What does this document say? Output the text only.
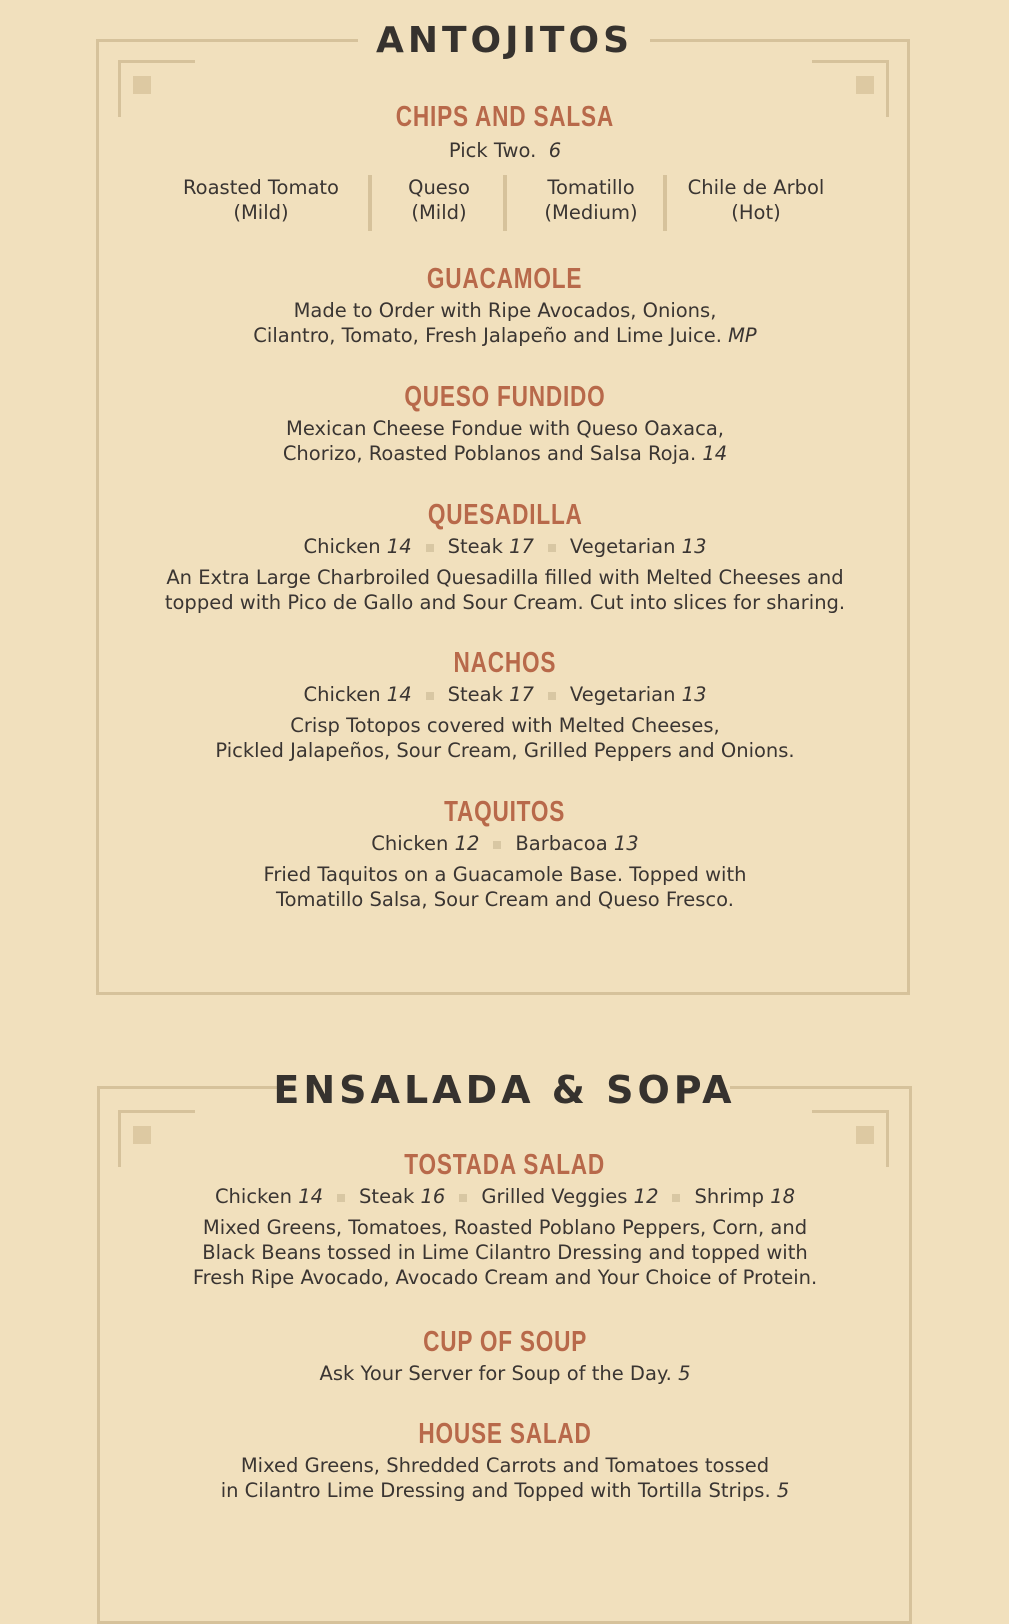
ANTOJITOS
CHIPS AND SALSA
Pick Two. 6
Roasted Tomato
(Mild)
Queso
(Mild)
Tomatillo
(Medium)
Chile de Arbol
(Hot)
GUACAMOLE
Made to Order with Ripe Avocados, Onions,
Cilantro, Tomato, Fresh Jalapeño and Lime Juice. MP
QUESO FUNDIDO
Mexican Cheese Fondue with Queso Oaxaca,
Chorizo, Roasted Poblanos and Salsa Roja. 14
QUESADILLA
Chicken 14 Steak 17 Vegetarian 13
An Extra Large Charbroiled Quesadilla filled with Melted Cheeses and
topped with Pico de Gallo and Sour Cream. Cut into slices for sharing.
NACHOS
Chicken 14 Steak 17 Vegetarian 13
Crisp Totopos covered with Melted Cheeses,
Pickled Jalapeños, Sour Cream, Grilled Peppers and Onions.
TAQUITOS
Chicken 12 Barbacoa 13
Fried Taquitos on a Guacamole Base. Topped with
Tomatillo Salsa, Sour Cream and Queso Fresco.
ENSALADA & SOPA
TOSTADA SALAD
Chicken 14 Steak 16 Grilled Veggies 12 Shrimp 18
Mixed Greens, Tomatoes, Roasted Poblano Peppers, Corn, and
Black Beans tossed in Lime Cilantro Dressing and topped with
Fresh Ripe Avocado, Avocado Cream and Your Choice of Protein.
CUP OF SOUP
Ask Your Server for Soup of the Day. 5
HOUSE SALAD
Mixed Greens, Shredded Carrots and Tomatoes tossed
in Cilantro Lime Dressing and Topped with Tortilla Strips. 5
